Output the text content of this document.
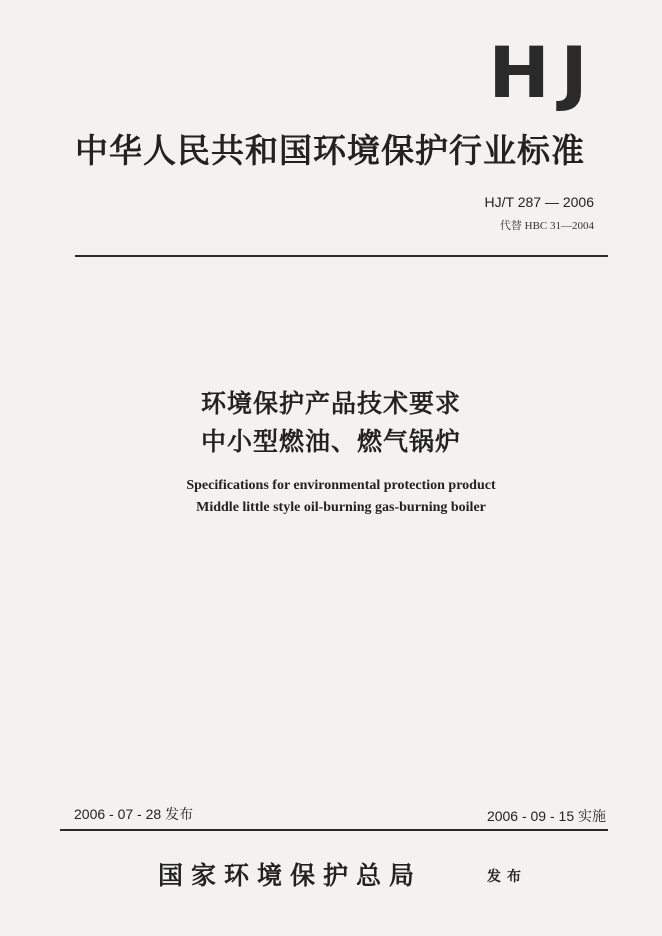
HJ
中华人民共和国环境保护行业标准
HJ/T 287 — 2006
代替 HBC 31—2004
环境保护产品技术要求
中小型燃油、燃气锅炉
Specifications for environmental protection product
Middle little style oil-burning gas-burning boiler
2006 - 07 - 28 发布	2006 - 09 - 15 实施
国家环境保护总局	发布
